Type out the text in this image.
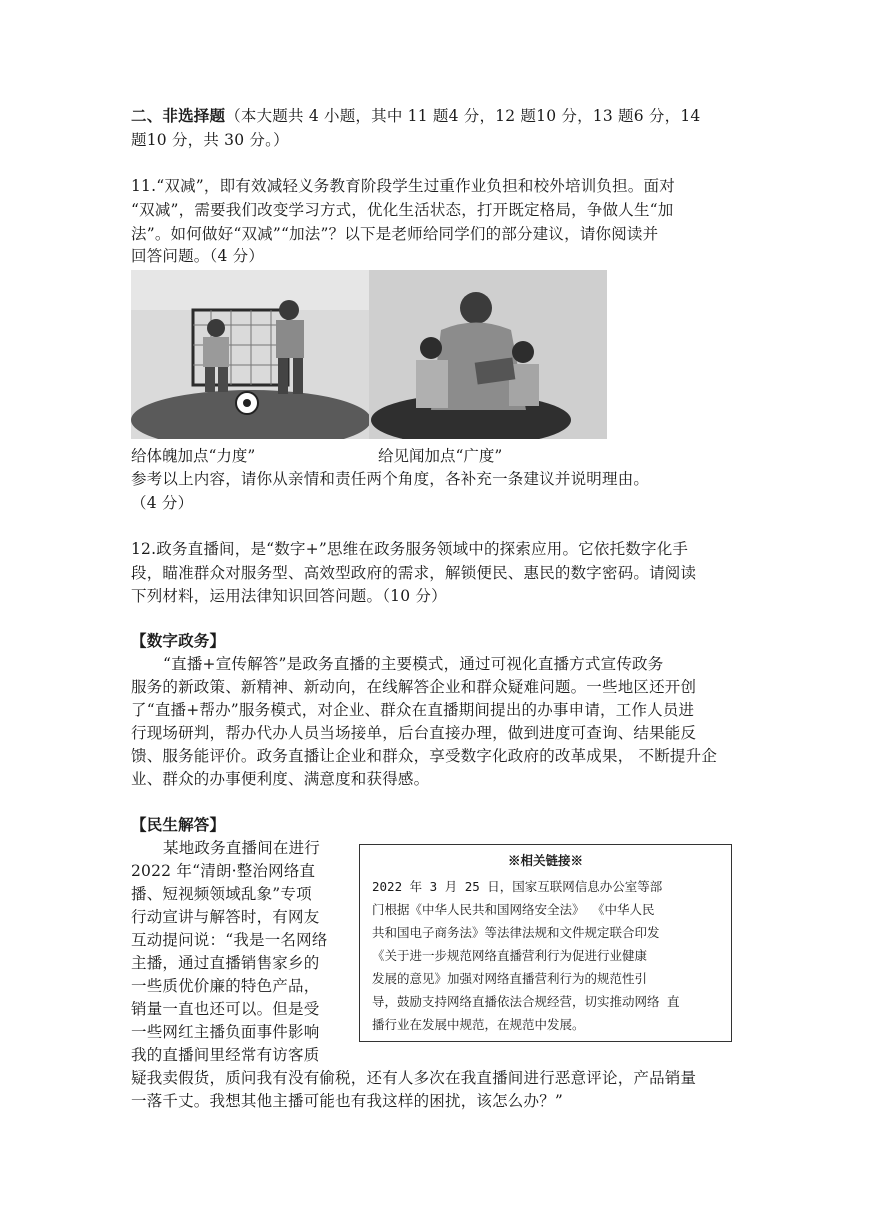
二、非选择题（本大题共 4 小题，其中 11 题4 分，12 题10 分，13 题6 分，14
题10 分，共 30 分。）
11.“双减”，即有效减轻义务教育阶段学生过重作业负担和校外培训负担。面对
“双减”，需要我们改变学习方式，优化生活状态，打开既定格局，争做人生“加
法”。如何做好“双减”“加法”？以下是老师给同学们的部分建议，请你阅读并
回答问题。（4 分）
给体魄加点“力度”	给见闻加点“广度”
参考以上内容，请你从亲情和责任两个角度，各补充一条建议并说明理由。
（4 分）
12.政务直播间，是“数字+”思维在政务服务领域中的探索应用。它依托数字化手
段，瞄准群众对服务型、高效型政府的需求，解锁便民、惠民的数字密码。请阅读
下列材料，运用法律知识回答问题。（10 分）
【数字政务】
“直播+宣传解答”是政务直播的主要模式，通过可视化直播方式宣传政务
服务的新政策、新精神、新动向，在线解答企业和群众疑难问题。一些地区还开创
了“直播+帮办”服务模式，对企业、群众在直播期间提出的办事申请，工作人员进
行现场研判，帮办代办人员当场接单，后台直接办理，做到进度可查询、结果能反
馈、服务能评价。政务直播让企业和群众，享受数字化政府的改革成果， 不断提升企
业、群众的办事便利度、满意度和获得感。
【民生解答】
某地政务直播间在进行
2022 年“清朗·整治网络直
播、短视频领域乱象”专项
行动宣讲与解答时，有网友
互动提问说：“我是一名网络
主播，通过直播销售家乡的
一些质优价廉的特色产品，
销量一直也还可以。但是受
一些网红主播负面事件影响
我的直播间里经常有访客质
疑我卖假货，质问我有没有偷税，还有人多次在我直播间进行恶意评论，产品销量
一落千丈。我想其他主播可能也有我这样的困扰，该怎么办？”
※相关链接※
2022 年 3 月 25 日，国家互联网信息办公室等部
门根据《中华人民共和国网络安全法》 《中华人民
共和国电子商务法》等法律法规和文件规定联合印发
《关于进一步规范网络直播营利行为促进行业健康
发展的意见》加强对网络直播营利行为的规范性引
导，鼓励支持网络直播依法合规经营，切实推动网络 直
播行业在发展中规范，在规范中发展。
